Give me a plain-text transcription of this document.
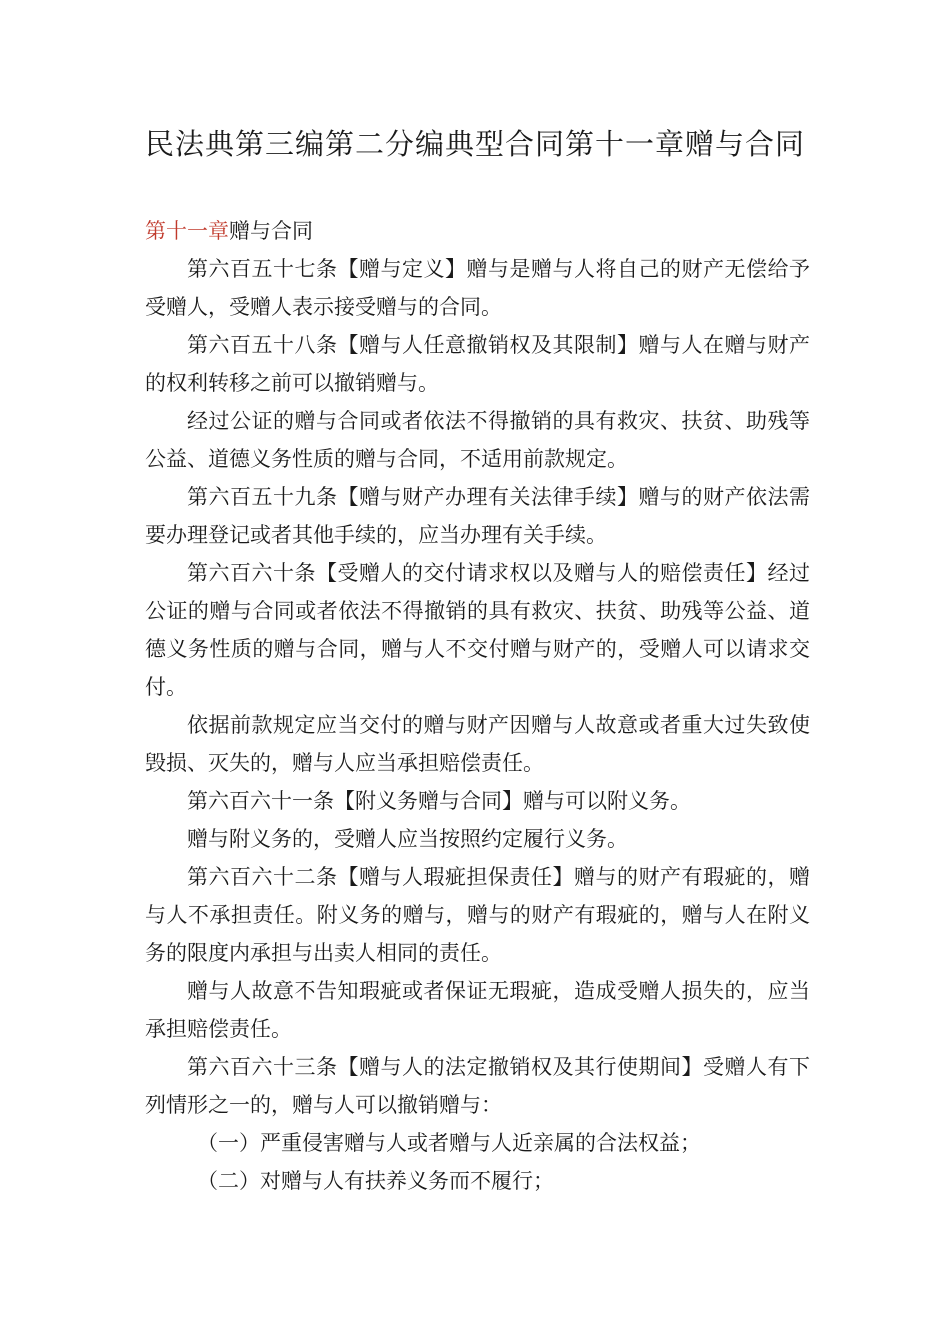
民法典第三编第二分编典型合同第十一章赠与合同

第十一章赠与合同

第六百五十七条【赠与定义】赠与是赠与人将自己的财产无偿给予受赠人，受赠人表示接受赠与的合同。

第六百五十八条【赠与人任意撤销权及其限制】赠与人在赠与财产的权利转移之前可以撤销赠与。

经过公证的赠与合同或者依法不得撤销的具有救灾、扶贫、助残等公益、道德义务性质的赠与合同，不适用前款规定。

第六百五十九条【赠与财产办理有关法律手续】赠与的财产依法需要办理登记或者其他手续的，应当办理有关手续。

第六百六十条【受赠人的交付请求权以及赠与人的赔偿责任】经过公证的赠与合同或者依法不得撤销的具有救灾、扶贫、助残等公益、道德义务性质的赠与合同，赠与人不交付赠与财产的，受赠人可以请求交付。

依据前款规定应当交付的赠与财产因赠与人故意或者重大过失致使毁损、灭失的，赠与人应当承担赔偿责任。

第六百六十一条【附义务赠与合同】赠与可以附义务。

赠与附义务的，受赠人应当按照约定履行义务。

第六百六十二条【赠与人瑕疵担保责任】赠与的财产有瑕疵的，赠与人不承担责任。附义务的赠与，赠与的财产有瑕疵的，赠与人在附义务的限度内承担与出卖人相同的责任。

赠与人故意不告知瑕疵或者保证无瑕疵，造成受赠人损失的，应当承担赔偿责任。

第六百六十三条【赠与人的法定撤销权及其行使期间】受赠人有下列情形之一的，赠与人可以撤销赠与：

（一）严重侵害赠与人或者赠与人近亲属的合法权益；

（二）对赠与人有扶养义务而不履行；
